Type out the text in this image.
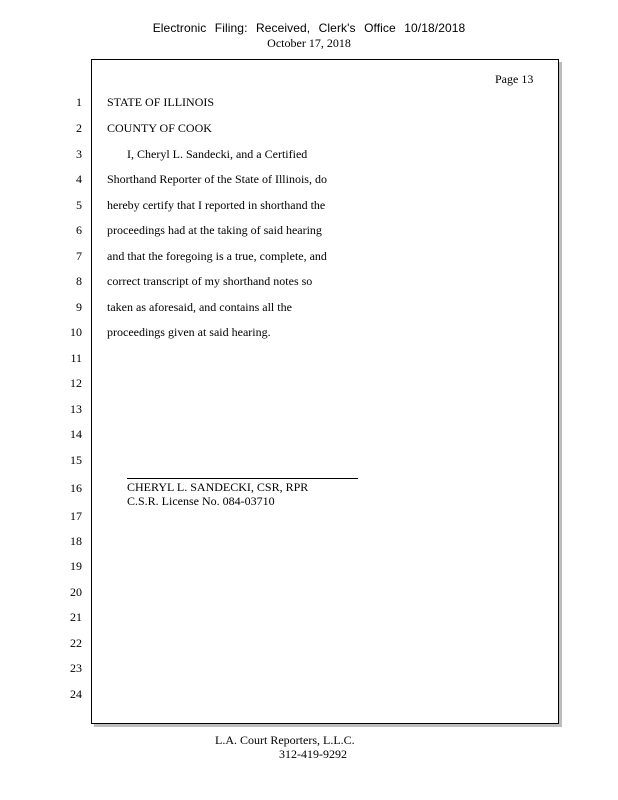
Electronic Filing: Received, Clerk's Office 10/18/2018
October 17, 2018
Page 13
1
2
3
4
5
6
7
8
9
10
11
12
13
14
15
16
17
18
19
20
21
22
23
24
STATE OF ILLINOIS
COUNTY OF COOK
I, Cheryl L. Sandecki, and a Certified
Shorthand Reporter of the State of Illinois, do
hereby certify that I reported in shorthand the
proceedings had at the taking of said hearing
and that the foregoing is a true, complete, and
correct transcript of my shorthand notes so
taken as aforesaid, and contains all the
proceedings given at said hearing.
CHERYL L. SANDECKI, CSR, RPR
C.S.R. License No. 084-03710
L.A. Court Reporters, L.L.C.
312-419-9292
